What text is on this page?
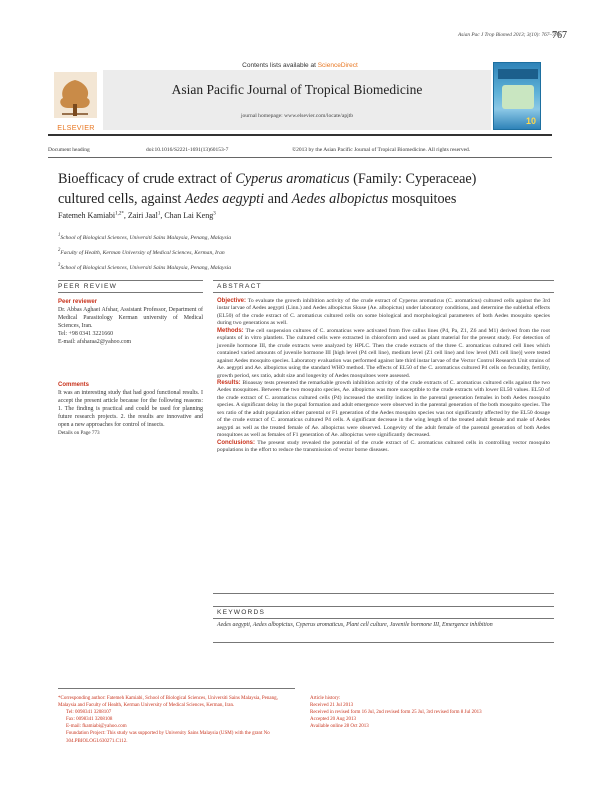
Asian Pac J Trop Biomed 2013; 3(10): 767–775
767
Contents lists available at ScienceDirect
Asian Pacific Journal of Tropical Biomedicine
journal homepage: www.elsevier.com/locate/apjtb
ELSEVIER
10
Document heading	doi:10.1016/S2221-1691(13)60153-7	©2013 by the Asian Pacific Journal of Tropical Biomedicine. All rights reserved.
Bioefficacy of crude extract of Cyperus aromaticus (Family: Cyperaceae)
cultured cells, against Aedes aegypti and Aedes albopictus mosquitoes
Fatemeh Kamiabi$^{1,2*}$, Zairi Jaal$^1$, Chan Lai Keng$^3$
$^1$School of Biological Sciences, Universiti Sains Malaysia, Penang, Malaysia
$^2$Faculty of Health, Kerman University of Medical Sciences, Kerman, Iran
$^3$School of Biological Sciences, Universiti Sains Malaysia, Penang, Malaysia
PEER REVIEW	ABSTRACT
Peer reviewer
Dr. Abbas Aghaei Afshar, Assistant Professor, Department of Medical Parasitology Kerman university of Medical Sciences, Iran.
Tel: +98 0341 3221660
E-mail: afsharaa2@yahoo.com
Comments
It was an interesting study that had good functional results. I accept the present article because for the following reasons: 1. The finding is practical and could be used for planning future research projects. 2. the results are innovative and open a new approaches for control of insects.
Details on Page 773

Objective: To evaluate the growth inhibition activity of the crude extract of Cyperus aromaticus (C. aromaticus) cultured cells against the 3rd instar larvae of Aedes aegypti (Linn.) and Aedes albopictus Skuse (Ae. albopictus) under laboratory conditions, and determine the sublethal effects (EL50) of the crude extract of C. aromaticus cultured cells on some biological and morphological parameters of both Aedes mosquito species during two generations as well.

Methods: The cell suspension cultures of C. aromaticus were activated from five callus lines (P4, Pa, Z1, Z6 and M1) derived from the root explants of in vitro plantlets. The cultured cells were extracted in chloroform and used as plant material for the present study. For detection of juvenile hormone III, the crude extracts were analyzed by HPLC. Then the crude extracts of the three C. aromaticus cultured cell lines which contained varied amounts of juvenile hormone III [high level (P4 cell line), medium level (Z1 cell line) and low level (M1 cell line)] were tested against Aedes mosquito species. Laboratory evaluation was performed against late third instar larvae of the Vector Control Research Unit strains of Ae. aegypti and Ae. albopictus using the standard WHO method. The effects of EL50 of the C. aromaticus cultured P4 cells on fecundity, fertility, growth period, sex ratio, adult size and longevity of Aedes mosquitoes were assessed.

Results: Bioassay tests presented the remarkable growth inhibition activity of the crude extracts of C. aromaticus cultured cells against the two Aedes mosquitoes. Between the two mosquito species, Ae. albopictus was more susceptible to the crude extracts with lower EL50 values. EL50 of the crude extract of C. aromaticus cultured cells (P4) increased the sterility indices in the parental generation females in both Aedes mosquito species. A significant delay in the pupal formation and adult emergence were observed in the parental generation of the both mosquito species. The sex ratio of the adult population either parental or F1 generation of the Aedes mosquito species was not significantly affected by the EL50 dosage of the crude extract of C. aromaticus cultured P4 cells. A significant decrease in the wing length of the treated adult female and male of Aedes aegypti as well as the treated female of Ae. albopictus were observed. Longevity of the adult female of the parental generation of both Aedes mosquitoes as well as females of F1 generation of Ae. albopictus were significantly decreased.

Conclusions: The present study revealed the potential of the crude extract of C. aromaticus cultured cells in controlling vector mosquito populations in the effort to reduce the transmission of vector borne diseases.

KEYWORDS
Aedes aegypti, Aedes albopictus, Cyperus aromaticus, Plant cell culture, Juvenile hormone III, Emergence inhibition
*Corresponding author: Fatemeh Kamiabi, School of Biological Sciences, Universiti Sains Malaysia, Penang, Malaysia and Faculty of Health, Kerman University of Medical Sciences, Kerman, Iran.
Tel: 0098341 3208107
Fax: 0098341 3208108
E-mail: fkamiabi@yahoo.com
Foundation Project: This study was supported by University Sains Malaysia (USM) with the grant No 304.PBIOLOGI.630271.C112.
Article history:
Received 21 Jul 2013
Received in revised form 16 Jul, 2nd revised form 25 Jul, 3rd revised form 8 Jul 2013
Accepted 20 Aug 2013
Available online 28 Oct 2013
